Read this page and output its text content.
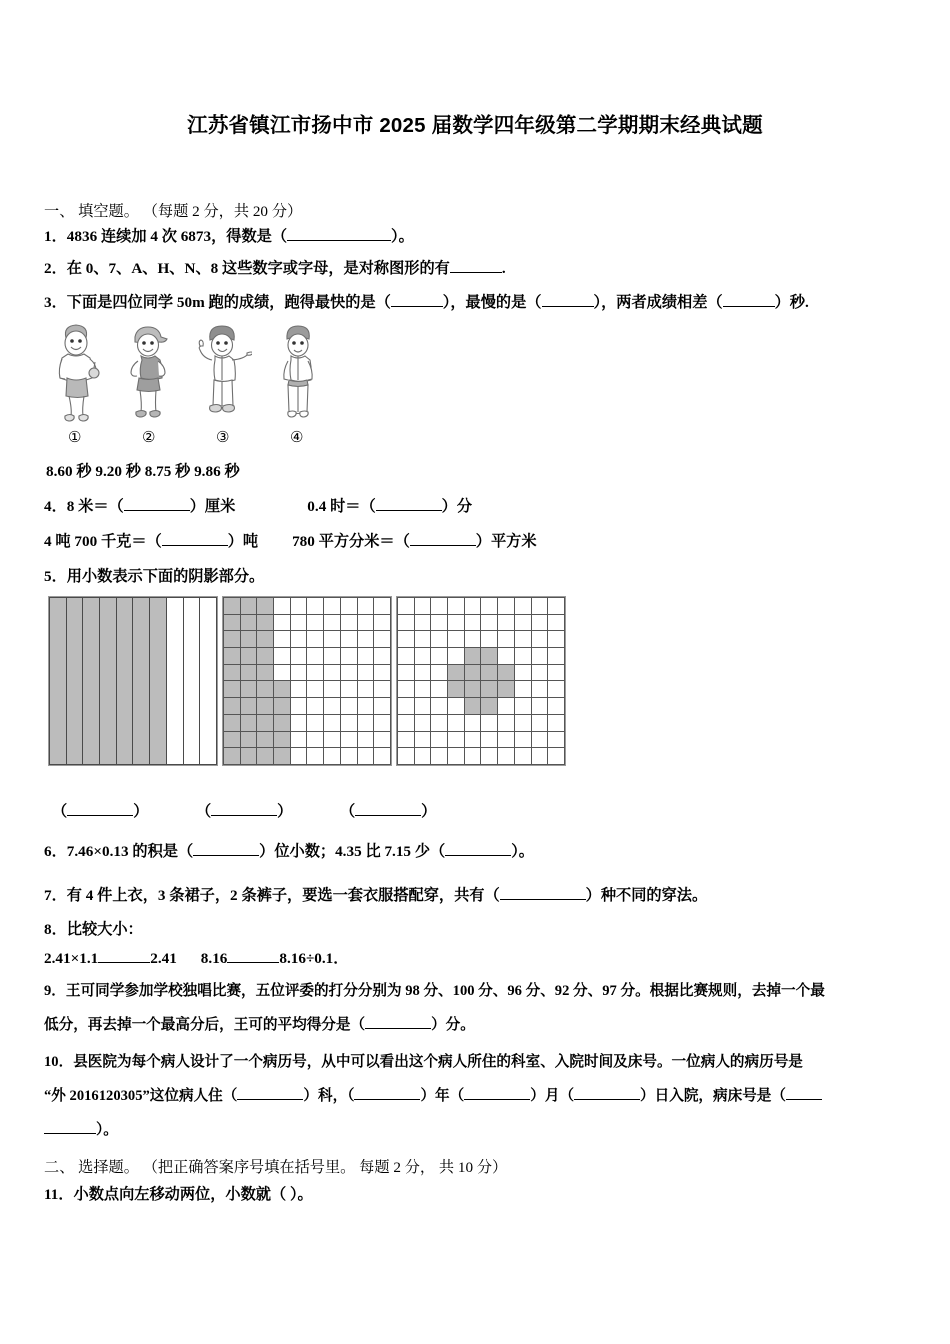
江苏省镇江市扬中市 2025 届数学四年级第二学期期末经典试题
一、 填空题。 （每题 2 分，共 20 分）
1．4836 连续加 4 次 6873，得数是（	）。
2．在 0、7、A、H、N、8 这些数字或字母，是对称图形的有	.
3．下面是四位同学 50m 跑的成绩，跑得最快的是（	），最慢的是（	），两者成绩相差（	）秒.
①	②	③	④
8.60 秒 9.20 秒 8.75 秒 9.86 秒
4．8 米＝（	）厘米	0.4 时＝（	）分
4 吨 700 千克＝（	）吨 780 平方分米＝（	）平方米
5．用小数表示下面的阴影部分。

（	）	（	）	（	）
6．7.46×0.13 的积是（	）位小数；4.35 比 7.15 少（	）。
7．有 4 件上衣，3 条裙子，2 条裤子，要选一套衣服搭配穿，共有（	）种不同的穿法。
8．比较大小：
2.41×1.1	2.41 8.16	8.16÷0.1．
9．王可同学参加学校独唱比赛，五位评委的打分分别为 98 分、100 分、96 分、92 分、97 分。根据比赛规则，去掉一个最
低分，再去掉一个最高分后，王可的平均得分是（	）分。
10．县医院为每个病人设计了一个病历号，从中可以看出这个病人所住的科室、入院时间及床号。一位病人的病历号是
“外 2016120305”这位病人住（	）科，（	）年（	）月（	）日入院，病床号是（
）。
二、 选择题。 （把正确答案序号填在括号里。 每题 2 分， 共 10 分）
11．小数点向左移动两位，小数就（ ）。
